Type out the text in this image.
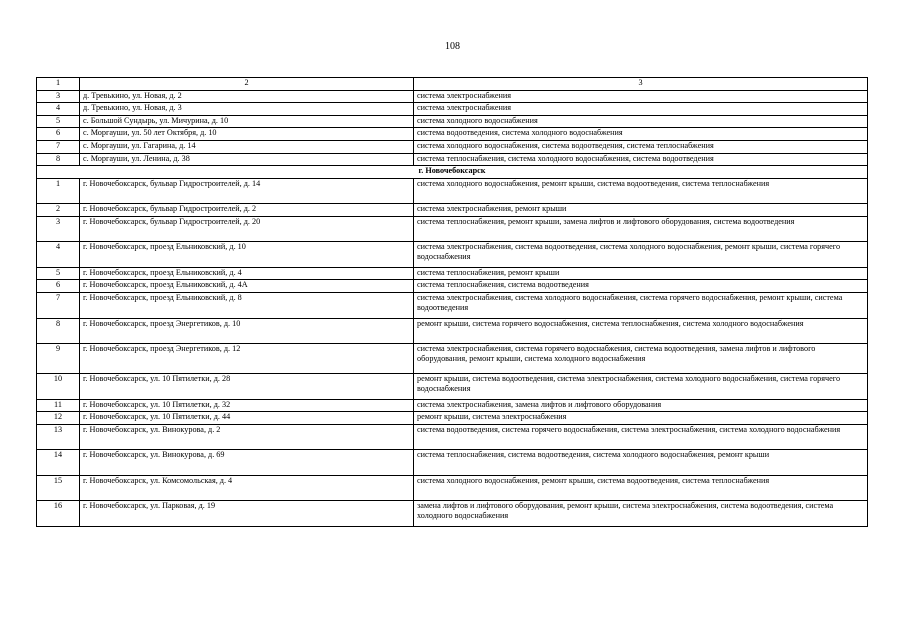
108
1	2	3
3	д. Тревькино, ул. Новая, д. 2	система электроснабжения
4	д. Тревькино, ул. Новая, д. 3	система электроснабжения
5	с. Большой Сундырь, ул. Мичурина, д. 10	система холодного водоснабжения
6	с. Моргауши, ул. 50 лет Октября, д. 10	система водоотведения, система холодного водоснабжения
7	с. Моргауши, ул. Гагарина, д. 14	система холодного водоснабжения, система водоотведения, система теплоснабжения
8	с. Моргауши, ул. Ленина, д. 38	система теплоснабжения, система холодного водоснабжения, система водоотведения
г. Новочебоксарск		
1	г. Новочебоксарск, бульвар Гидростроителей, д. 14	система холодного водоснабжения, ремонт крыши, система водоотведения, система теплоснабжения
2	г. Новочебоксарск, бульвар Гидростроителей, д. 2	система электроснабжения, ремонт крыши
3	г. Новочебоксарск, бульвар Гидростроителей, д. 20	система теплоснабжения, ремонт крыши, замена лифтов и лифтового оборудования, система водоотведения
4	г. Новочебоксарск, проезд Ельниковский, д. 10	система электроснабжения, система водоотведения, система холодного водоснабжения, ремонт крыши, система горячего водоснабжения
5	г. Новочебоксарск, проезд Ельниковский, д. 4	система теплоснабжения, ремонт крыши
6	г. Новочебоксарск, проезд Ельниковский, д. 4А	система теплоснабжения, система водоотведения
7	г. Новочебоксарск, проезд Ельниковский, д. 8	система электроснабжения, система холодного водоснабжения, система горячего водоснабжения, ремонт крыши, система водоотведения
8	г. Новочебоксарск, проезд Энергетиков, д. 10	ремонт крыши, система горячего водоснабжения, система теплоснабжения, система холодного водоснабжения
9	г. Новочебоксарск, проезд Энергетиков, д. 12	система электроснабжения, система горячего водоснабжения, система водоотведения, замена лифтов и лифтового оборудования, ремонт крыши, система холодного водоснабжения
10	г. Новочебоксарск, ул. 10 Пятилетки, д. 28	ремонт крыши, система водоотведения, система электроснабжения, система холодного водоснабжения, система горячего водоснабжения
11	г. Новочебоксарск, ул. 10 Пятилетки, д. 32	система электроснабжения, замена лифтов и лифтового оборудования
12	г. Новочебоксарск, ул. 10 Пятилетки, д. 44	ремонт крыши, система электроснабжения
13	г. Новочебоксарск, ул. Винокурова, д. 2	система водоотведения, система горячего водоснабжения, система электроснабжения, система холодного водоснабжения
14	г. Новочебоксарск, ул. Винокурова, д. 69	система теплоснабжения, система водоотведения, система холодного водоснабжения, ремонт крыши
15	г. Новочебоксарск, ул. Комсомольская, д. 4	система холодного водоснабжения, ремонт крыши, система водоотведения, система теплоснабжения
16	г. Новочебоксарск, ул. Парковая, д. 19	замена лифтов и лифтового оборудования, ремонт крыши, система электроснабжения, система водоотведения, система холодного водоснабжения
